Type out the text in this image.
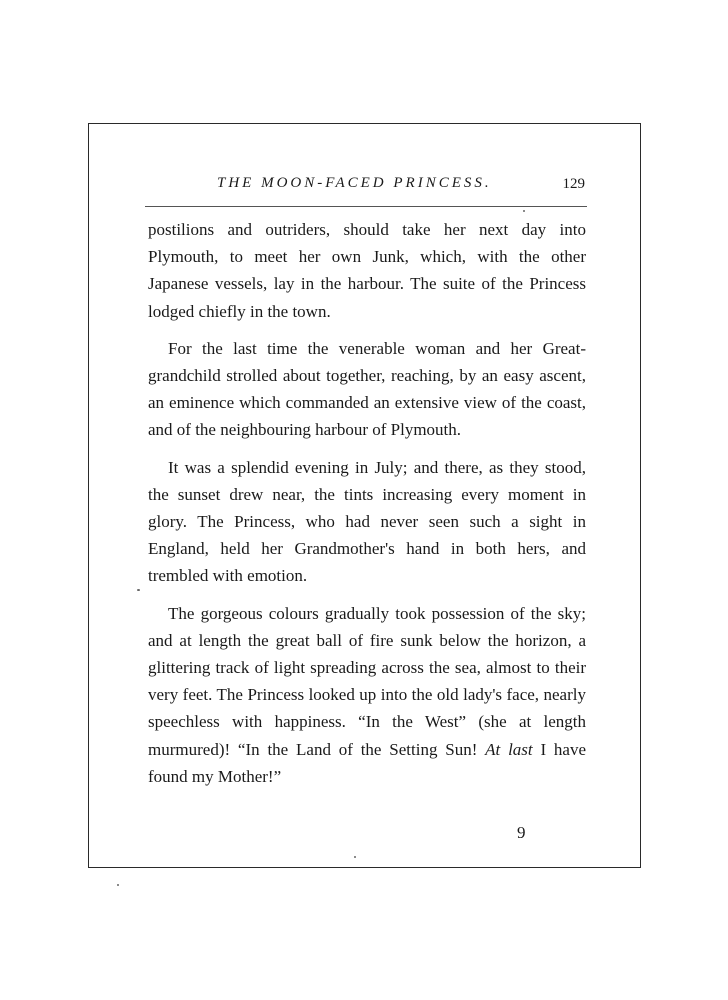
THE MOON-FACED PRINCESS.	129

postilions and outriders, should take her next day into Plymouth, to meet her own Junk, which, with the other Japanese vessels, lay in the harbour. The suite of the Princess lodged chiefly in the town.

For the last time the venerable woman and her Great-grandchild strolled about together, reaching, by an easy ascent, an eminence which commanded an extensive view of the coast, and of the neighbouring harbour of Plymouth.

It was a splendid evening in July; and there, as they stood, the sunset drew near, the tints increasing every moment in glory. The Princess, who had never seen such a sight in England, held her Grandmother's hand in both hers, and trembled with emotion.

The gorgeous colours gradually took possession of the sky; and at length the great ball of fire sunk below the horizon, a glittering track of light spreading across the sea, almost to their very feet. The Princess looked up into the old lady's face, nearly speechless with happiness. “In the West” (she at length murmured)! “In the Land of the Setting Sun! At last I have found my Mother!”

9
